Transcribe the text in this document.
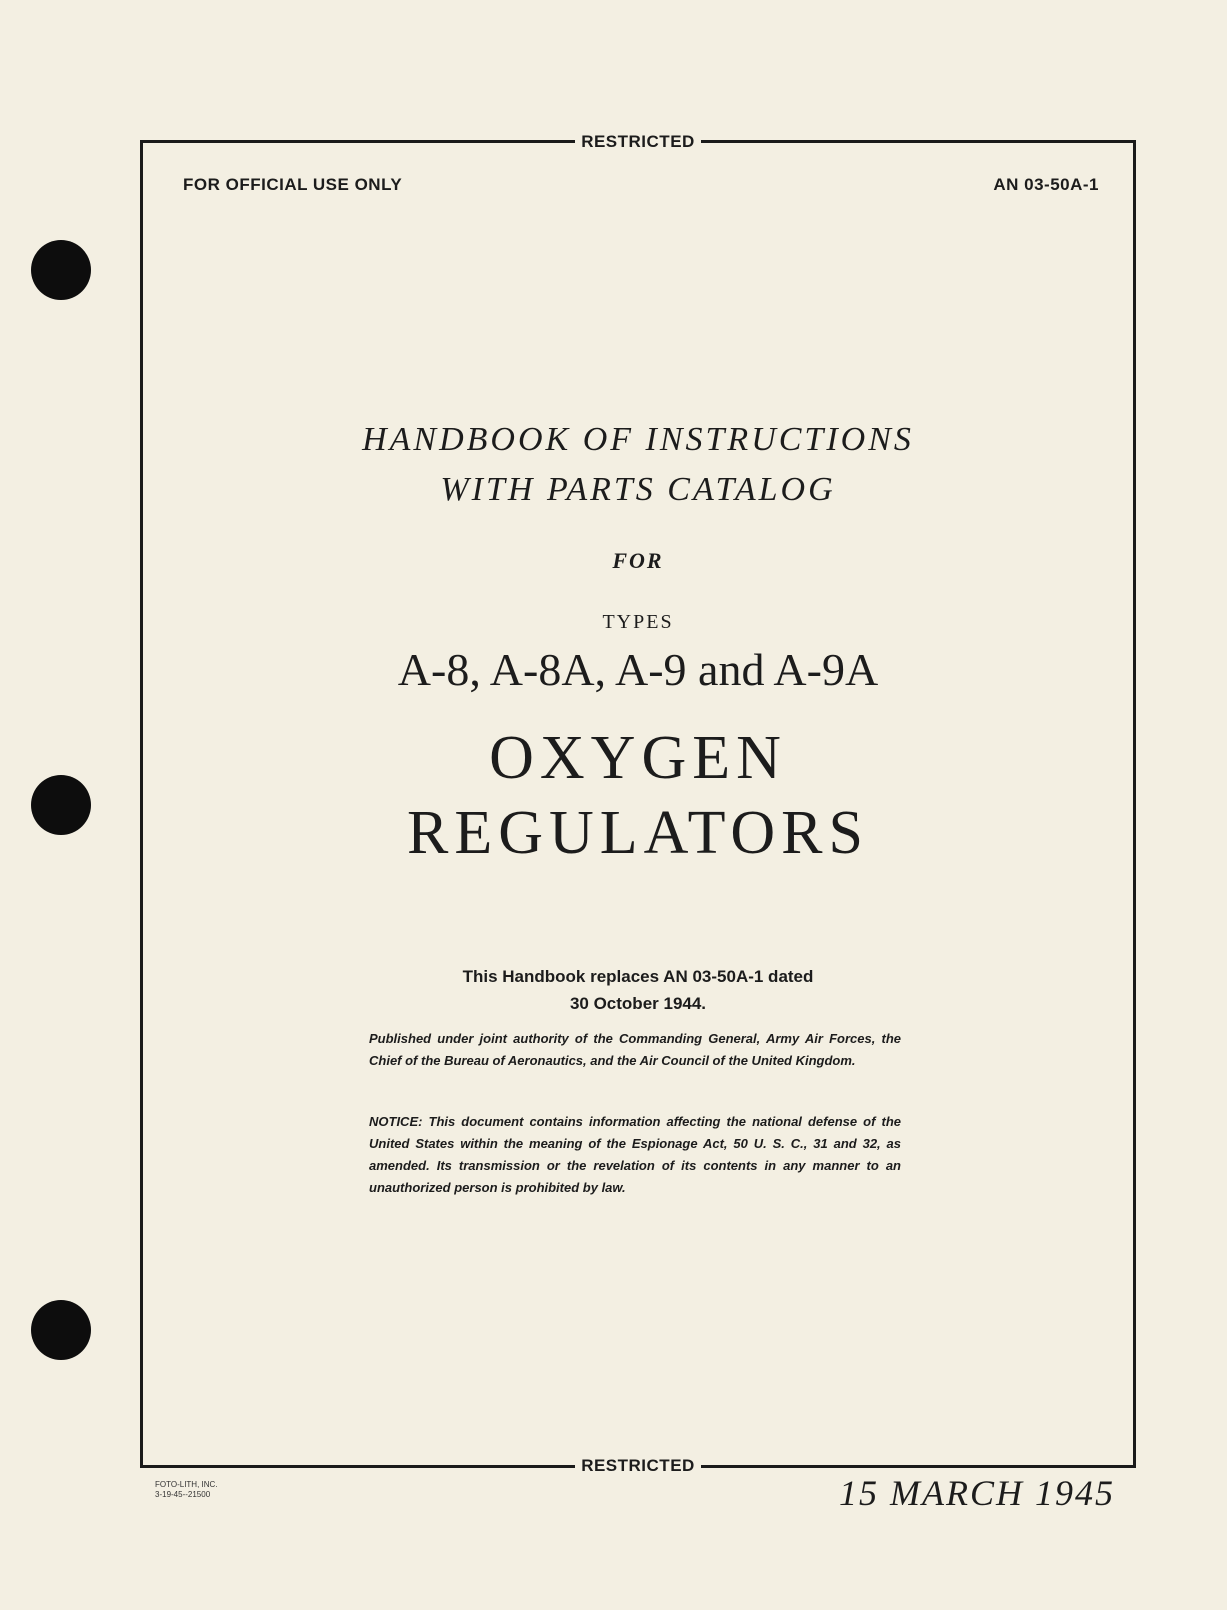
RESTRICTED
FOR OFFICIAL USE ONLY	AN 03-50A-1
HANDBOOK OF INSTRUCTIONS
WITH PARTS CATALOG
FOR
TYPES
A-8, A-8A, A-9 and A-9A
OXYGEN
REGULATORS
This Handbook replaces AN 03-50A-1 dated
30 October 1944.
Published under joint authority of the Commanding General, Army Air Forces, the Chief of the Bureau of Aeronautics, and the Air Council of the United Kingdom.
NOTICE: This document contains information affecting the national defense of the United States within the meaning of the Espionage Act, 50 U. S. C., 31 and 32, as amended. Its transmission or the revelation of its contents in any manner to an unauthorized person is prohibited by law.
RESTRICTED
FOTO-LITH, INC.
3-19-45--21500	15 MARCH 1945
